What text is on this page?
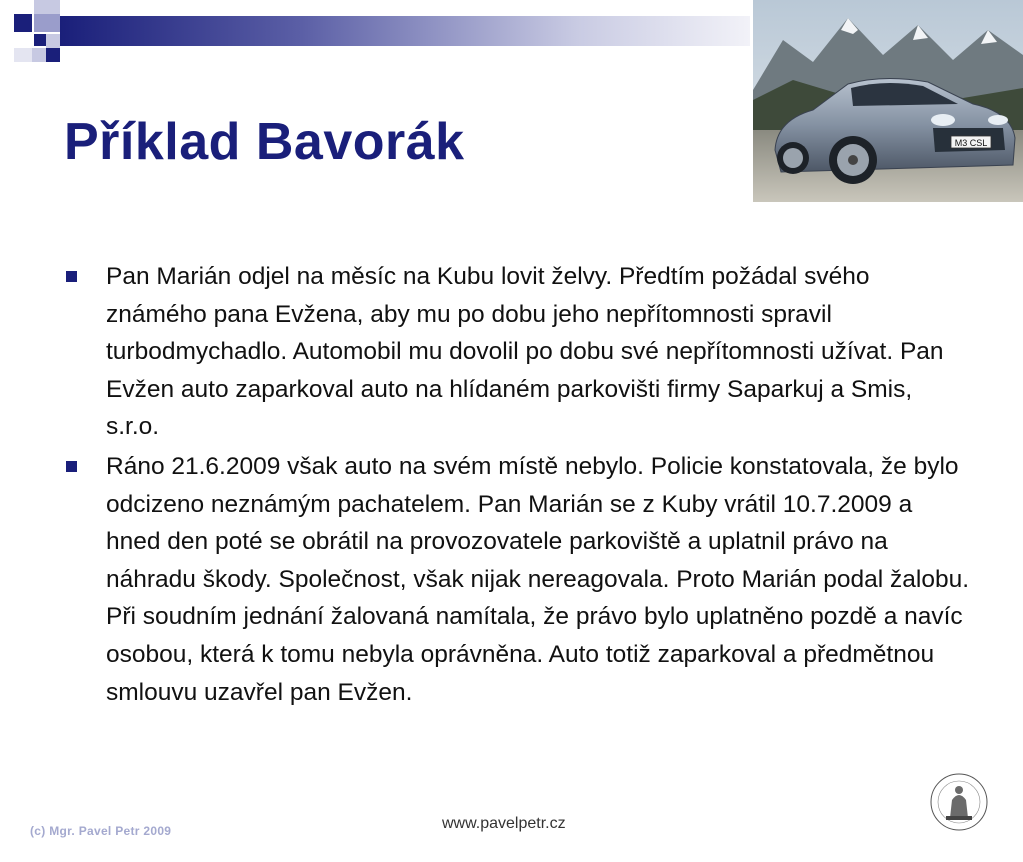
Příklad Bavorák	M3 CSL
Pan Marián odjel na měsíc na Kubu lovit želvy. Předtím požádal svého známého pana Evžena, aby mu po dobu jeho nepřítomnosti spravil turbodmychadlo. Automobil mu dovolil po dobu své nepřítomnosti užívat. Pan Evžen auto zaparkoval auto na hlídaném parkovišti firmy Saparkuj a Smis, s.r.o.
Ráno 21.6.2009 však auto na svém místě nebylo. Policie konstatovala, že bylo odcizeno neznámým pachatelem. Pan Marián se z Kuby vrátil 10.7.2009 a hned den poté se obrátil na provozovatele parkoviště a uplatnil právo na náhradu škody. Společnost, však nijak nereagovala. Proto Marián podal žalobu. Při soudním jednání žalovaná namítala, že právo bylo uplatněno pozdě a navíc osobou, která k tomu nebyla oprávněna. Auto totiž zaparkoval a předmětnou smlouvu uzavřel pan Evžen.
(c) Mgr. Pavel Petr 2009	www.pavelpetr.cz
